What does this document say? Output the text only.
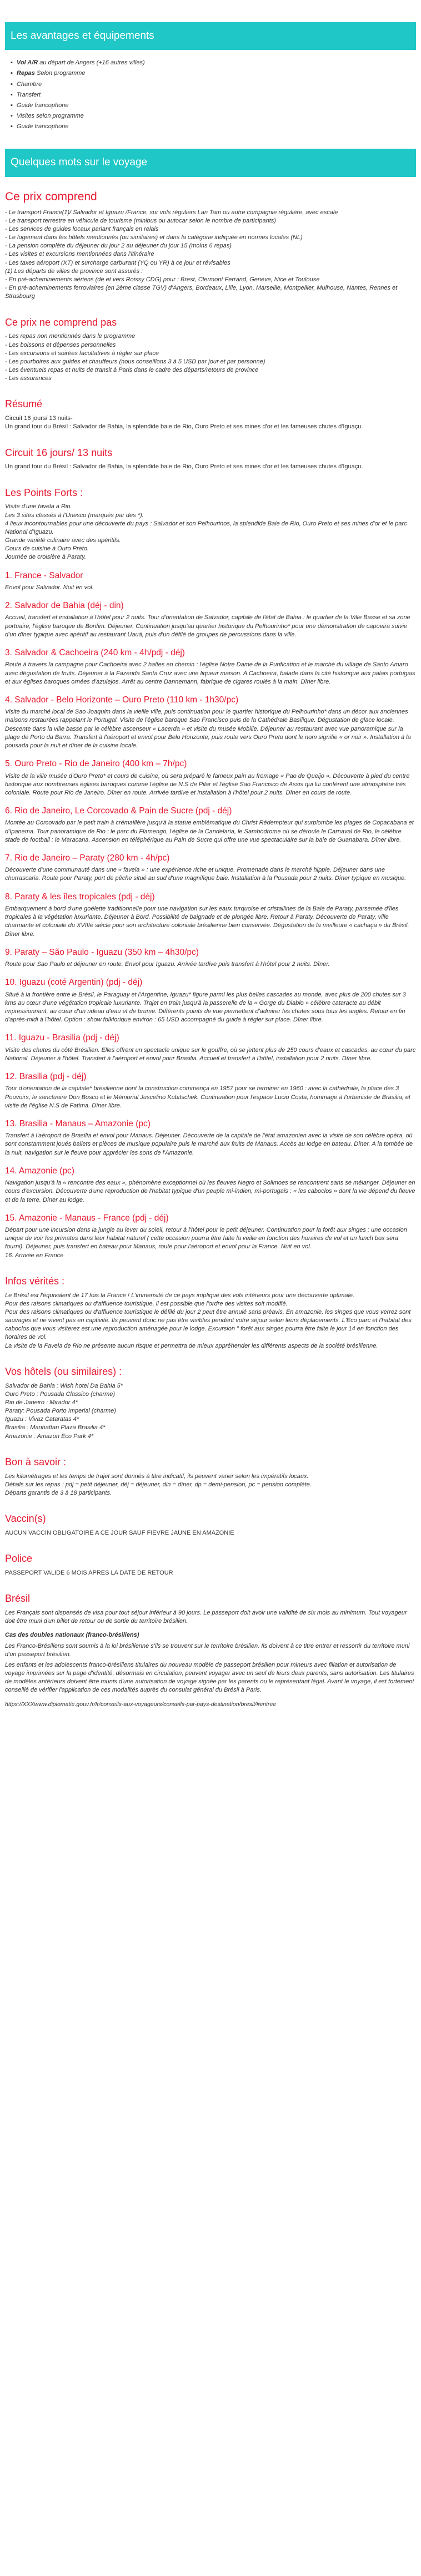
Les avantages et équipements
▪ Vol A/R au départ de Angers (+16 autres villes)
▪ Repas Selon programme
▪ Chambre
▪ Transfert
▪ Guide francophone
▪ Visites selon programme
▪ Guide francophone
Quelques mots sur le voyage
Ce prix comprend
- Le transport France(1)/ Salvador et Iguazu /France, sur vols réguliers Lan Tam ou autre compagnie régulière, avec escale
- Le transport terrestre en véhicule de tourisme (minibus ou autocar selon le nombre de participants)
- Les services de guides locaux parlant français en relais
- Le logement dans les hôtels mentionnés (ou similaires) et dans la catégorie indiquée en normes locales (NL)
- La pension complète du déjeuner du jour 2 au déjeuner du jour 15 (moins 6 repas)
- Les visites et excursions mentionnées dans l'itinéraire
- Les taxes aéroport (XT) et surcharge carburant (YQ ou YR) à ce jour et révisables
(1) Les départs de villes de province sont assurés :
- En pré-acheminements aériens (de et vers Roissy CDG) pour : Brest, Clermont Ferrand, Genève, Nice et Toulouse
- En pré-acheminements ferroviaires (en 2ème classe TGV) d'Angers, Bordeaux, Lille, Lyon, Marseille, Montpellier, Mulhouse, Nantes, Rennes et Strasbourg
Ce prix ne comprend pas
- Les repas non mentionnés dans le programme
- Les boissons et dépenses personnelles
- Les excursions et soirées facultatives à régler sur place
- Les pourboires aux guides et chauffeurs (nous conseillons 3 à 5 USD par jour et par personne)
- Les éventuels repas et nuits de transit à Paris dans le cadre des départs/retours de province
- Les assurances
Résumé
Circuit 16 jours/ 13 nuits-
Un grand tour du Brésil : Salvador de Bahia, la splendide baie de Rio, Ouro Preto et ses mines d'or et les fameuses chutes d'Iguaçu.
Circuit 16 jours/ 13 nuits

Un grand tour du Brésil : Salvador de Bahia, la splendide baie de Rio, Ouro Preto et ses mines d'or et les fameuses chutes d'Iguaçu.

Les Points Forts :
Visite d'une favela à Rio.
Les 3 sites classés à l'Unesco (marqués par des *).
4 lieux incontournables pour une découverte du pays : Salvador et son Pelhourinos, la splendide Baie de Rio, Ouro Preto et ses mines d'or et le parc National d'Iguazu.
Grande variété culinaire avec des apéritifs.
Cours de cuisine à Ouro Preto.
Journée de croisière à Paraty.
1. France - Salvador

Envol pour Salvador. Nuit en vol.

2. Salvador de Bahia (déj - din)

Accueil, transfert et installation à l'hôtel pour 2 nuits. Tour d'orientation de Salvador, capitale de l'état de Bahia : le quartier de la Ville Basse et sa zone portuaire, l'église baroque de Bonfim. Déjeuner. Continuation jusqu'au quartier historique du Pelhourinho* pour une démonstration de capoeira suivie d'un dîner typique avec apéritif au restaurant Uauá, puis d'un défilé de groupes de percussions dans la ville.

3. Salvador & Cachoeira (240 km - 4h/pdj - déj)

Route à travers la campagne pour Cachoeira avec 2 haltes en chemin : l'église Notre Dame de la Purification et le marché du village de Santo Amaro avec dégustation de fruits. Déjeuner à la Fazenda Santa Cruz avec une liqueur maison. A Cachoeira, balade dans la cité historique aux palais portugais et aux églises baroques ornées d'azulejos. Arrêt au centre Dannemann, fabrique de cigares roulés à la main. Dîner libre.

4. Salvador - Belo Horizonte – Ouro Preto (110 km - 1h30/pc)

Visite du marché local de Sao Joaquim dans la vieille ville, puis continuation pour le quartier historique du Pelhourinho* dans un décor aux anciennes maisons restaurées rappelant le Portugal. Visite de l'église baroque Sao Francisco puis de la Cathédrale Basilique. Dégustation de glace locale. Descente dans la ville basse par le célèbre ascenseur « Lacerda » et visite du musée Mobilie. Déjeuner au restaurant avec vue panoramique sur la plage de Porto da Barra. Transfert à l'aéroport et envol pour Belo Horizonte, puis route vers Ouro Preto dont le nom signifie « or noir ». Installation à la pousada pour la nuit et dîner de la cuisine locale.

5. Ouro Preto - Rio de Janeiro (400 km – 7h/pc)

Visite de la ville musée d'Ouro Preto* et cours de cuisine, où sera préparé le fameux pain au fromage « Pao de Queijo ». Découverte à pied du centre historique aux nombreuses églises baroques comme l'église de N.S de Pilar et l'église Sao Francisco de Assis qui lui confèrent une atmosphère très coloniale. Route pour Rio de Janeiro. Dîner en route. Arrivée tardive et installation à l'hôtel pour 2 nuits. Dîner en cours de route.

6. Rio de Janeiro, Le Corcovado & Pain de Sucre (pdj - déj)

Montée au Corcovado par le petit train à crémaillère jusqu'à la statue emblématique du Christ Rédempteur qui surplombe les plages de Copacabana et d'Ipanema. Tour panoramique de Rio : le parc du Flamengo, l'église de la Candelaria, le Sambodrome où se déroule le Carnaval de Rio, le célèbre stade de football : le Maracana. Ascension en téléphérique au Pain de Sucre qui offre une vue spectaculaire sur la baie de Guanabara. Dîner libre.

7. Rio de Janeiro – Paraty (280 km - 4h/pc)

Découverte d'une communauté dans une « favela » : une expérience riche et unique. Promenade dans le marché hippie. Déjeuner dans une churrascaria. Route pour Paraty, port de pêche situé au sud d'une magnifique baie. Installation à la Pousada pour 2 nuits. Dîner typique en musique.

8. Paraty & les îles tropicales (pdj - déj)

Embarquement à bord d'une goélette traditionnelle pour une navigation sur les eaux turquoise et cristallines de la Baie de Paraty, parsemée d'îles tropicales à la végétation luxuriante. Déjeuner à Bord. Possibilité de baignade et de plongée libre. Retour à Paraty. Découverte de Paraty, ville charmante et coloniale du XVIIIe siècle pour son architecture coloniale brésilienne bien conservée. Dégustation de la meilleure « cachaça » du Brésil. Dîner libre.

9. Paraty – São Paulo - Iguazu (350 km – 4h30/pc)

Route pour Sao Paulo et déjeuner en route. Envol pour Iguazu. Arrivée tardive puis transfert à l'hôtel pour 2 nuits. Dîner.

10. Iguazu (coté Argentin) (pdj - déj)

Situé à la frontière entre le Brésil, le Paraguay et l'Argentine, Iguazu* figure parmi les plus belles cascades au monde, avec plus de 200 chutes sur 3 kms au cœur d'une végétation tropicale luxuriante. Trajet en train jusqu'à la passerelle de la « Gorge du Diablo » célèbre cataracte au débit impressionnant, au cœur d'un rideau d'eau et de brume. Différents points de vue permettent d'admirer les chutes sous tous les angles. Retour en fin d'après-midi à l'hôtel. Option : show folklorique environ : 65 USD accompagné du guide à régler sur place. Dîner libre.

11. Iguazu - Brasilia (pdj - déj)

Visite des chutes du côté Brésilien. Elles offrent un spectacle unique sur le gouffre, où se jettent plus de 250 cours d'eaux et cascades, au cœur du parc National. Déjeuner à l'hôtel. Transfert à l'aéroport et envol pour Brasilia. Accueil et transfert à l'hôtel, installation pour 2 nuits. Dîner libre.

12. Brasilia (pdj - déj)

Tour d'orientation de la capitale* brésilienne dont la construction commença en 1957 pour se terminer en 1960 : avec la cathédrale, la place des 3 Pouvoirs, le sanctuaire Don Bosco et le Mémorial Juscelino Kubitschek. Continuation pour l'espace Lucio Costa, hommage à l'urbaniste de Brasilia, et visite de l'église N.S de Fatima. Dîner libre.

13. Brasilia - Manaus – Amazonie (pc)

Transfert à l'aéroport de Brasilia et envol pour Manaus. Déjeuner. Découverte de la capitale de l'état amazonien avec la visite de son célèbre opéra, où sont constamment joués ballets et pièces de musique populaire puis le marché aux fruits de Manaus. Accès au lodge en bateau. Dîner. A la tombée de la nuit, navigation sur le fleuve pour apprécier les sons de l'Amazonie.

14. Amazonie (pc)

Navigation jusqu'à la « rencontre des eaux », phénomène exceptionnel où les fleuves Negro et Solimoes se rencontrent sans se mélanger. Déjeuner en cours d'excursion. Découverte d'une reproduction de l'habitat typique d'un peuple mi-indien, mi-portugais : « les caboclos » dont la vie dépend du fleuve et de la terre. Dîner au lodge.

15. Amazonie - Manaus - France (pdj - déj)

Départ pour une incursion dans la jungle au lever du soleil, retour à l'hôtel pour le petit déjeuner. Continuation pour la forêt aux singes : une occasion unique de voir les primates dans leur habitat naturel ( cette occasion pourra être faite la veille en fonction des horaires de vol et un lunch box sera fourni). Déjeuner, puis transfert en bateau pour Manaus, route pour l'aéroport et envol pour la France. Nuit en vol.

16. Arrivée en France

Infos vérités :
Le Brésil est l'équivalent de 17 fois la France ! L'immensité de ce pays implique des vols intérieurs pour une découverte optimale.
Pour des raisons climatiques ou d'affluence touristique, il est possible que l'ordre des visites soit modifié.
Pour des raisons climatiques ou d'affluence touristique le défilé du jour 2 peut être annulé sans préavis. En amazonie, les singes que vous verrez sont sauvages et ne vivent pas en captivité. Ils peuvent donc ne pas être visibles pendant votre séjour selon leurs déplacements. L'Eco parc et l'habitat des caboclos que vous visiterez est une reproduction aménagée pour le lodge. Excursion " forêt aux singes pourra être faite le jour 14 en fonction des horaires de vol.
La visite de la Favela de Rio ne présente aucun risque et permettra de mieux appréhender les différents aspects de la société brésilienne.
Vos hôtels (ou similaires) :
Salvador de Bahia : Wish hotel Da Bahia 5*
Ouro Preto : Pousada Classico (charme)
Rio de Janeiro : Mirador 4*
Paraty: Pousada Porto Imperial (charme)
Iguazu : Vivaz Cataratas 4*
Brasilia : Manhattan Plaza Brasilia 4*
Amazonie : Amazon Eco Park 4*
Bon à savoir :
Les kilométrages et les temps de trajet sont donnés à titre indicatif, ils peuvent varier selon les impératifs locaux.
Détails sur les repas : pdj = petit déjeuner, déj = déjeuner, din = dîner, dp = demi-pension, pc = pension complète.
Départs garantis de 3 à 18 participants.
Vaccin(s)

AUCUN VACCIN OBLIGATOIRE A CE JOUR SAUF FIEVRE JAUNE EN AMAZONIE

Police

PASSEPORT VALIDE 6 MOIS APRES LA DATE DE RETOUR

Brésil

Les Français sont dispensés de visa pour tout séjour inférieur à 90 jours. Le passeport doit avoir une validité de six mois au minimum. Tout voyageur doit être muni d'un billet de retour ou de sortie du territoire brésilien.

Cas des doubles nationaux (franco-brésiliens)

Les Franco-Brésiliens sont soumis à la loi brésilienne s'ils se trouvent sur le territoire brésilien. Ils doivent à ce titre entrer et ressortir du territoire muni d'un passeport brésilien.

Les enfants et les adolescents franco-brésiliens titulaires du nouveau modèle de passeport brésilien pour mineurs avec filiation et autorisation de voyage imprimées sur la page d'identité, désormais en circulation, peuvent voyager avec un seul de leurs deux parents, sans autorisation. Les titulaires de modèles antérieurs doivent être munis d'une autorisation de voyage signée par les parents ou le représentant légal. Avant le voyage, il est fortement conseillé de vérifier l'application de ces modalités auprès du consulat général du Brésil à Paris.

https://XXXwww.diplomatie.gouv.fr/fr/conseils-aux-voyageurs/conseils-par-pays-destination/bresil/#entree
